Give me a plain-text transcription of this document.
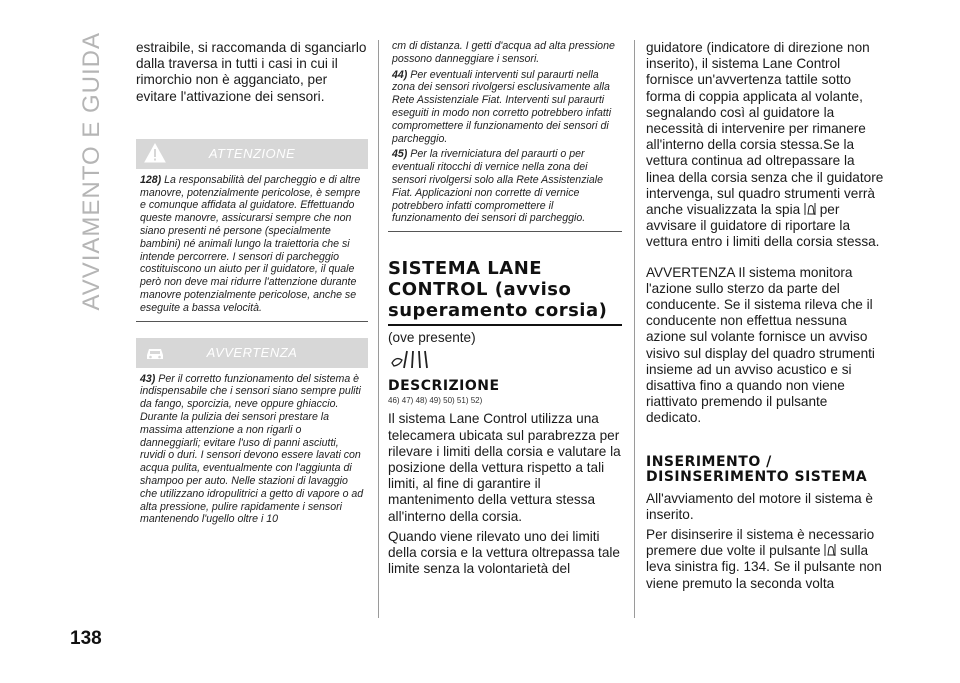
AVVIAMENTO E GUIDA
138

estraibile, si raccomanda di sganciarlo dalla traversa in tutti i casi in cui il rimorchio non è agganciato, per evitare l'attivazione dei sensori.

ATTENZIONE

128) La responsabilità del parcheggio e di altre manovre, potenzialmente pericolose, è sempre e comunque affidata al guidatore. Effettuando queste manovre, assicurarsi sempre che non siano presenti né persone (specialmente bambini) né animali lungo la traiettoria che si intende percorrere. I sensori di parcheggio costituiscono un aiuto per il guidatore, il quale però non deve mai ridurre l'attenzione durante manovre potenzialmente pericolose, anche se eseguite a bassa velocità.

AVVERTENZA

43) Per il corretto funzionamento del sistema è indispensabile che i sensori siano sempre puliti da fango, sporcizia, neve oppure ghiaccio. Durante la pulizia dei sensori prestare la massima attenzione a non rigarli o danneggiarli; evitare l'uso di panni asciutti, ruvidi o duri. I sensori devono essere lavati con acqua pulita, eventualmente con l'aggiunta di shampoo per auto. Nelle stazioni di lavaggio che utilizzano idropulitrici a getto di vapore o ad alta pressione, pulire rapidamente i sensori mantenendo l'ugello oltre i 10

cm di distanza. I getti d'acqua ad alta pressione possono danneggiare i sensori.

44) Per eventuali interventi sul paraurti nella zona dei sensori rivolgersi esclusivamente alla Rete Assistenziale Fiat. Interventi sul paraurti eseguiti in modo non corretto potrebbero infatti compromettere il funzionamento dei sensori di parcheggio.

45) Per la riverniciatura del paraurti o per eventuali ritocchi di vernice nella zona dei sensori rivolgersi solo alla Rete Assistenziale Fiat. Applicazioni non corrette di vernice potrebbero infatti compromettere il funzionamento dei sensori di parcheggio.

SISTEMA LANE CONTROL (avviso superamento corsia)

(ove presente)

DESCRIZIONE
46) 47) 48) 49) 50) 51) 52)

Il sistema Lane Control utilizza una telecamera ubicata sul parabrezza per rilevare i limiti della corsia e valutare la posizione della vettura rispetto a tali limiti, al fine di garantire il mantenimento della vettura stessa all'interno della corsia.

Quando viene rilevato uno dei limiti della corsia e la vettura oltrepassa tale limite senza la volontarietà del

guidatore (indicatore di direzione non inserito), il sistema Lane Control fornisce un'avvertenza tattile sotto forma di coppia applicata al volante, segnalando così al guidatore la necessità di intervenire per rimanere all'interno della corsia stessa.Se la vettura continua ad oltrepassare la linea della corsia senza che il guidatore intervenga, sul quadro strumenti verrà anche visualizzata la spia per avvisare il guidatore di riportare la vettura entro i limiti della corsia stessa.

AVVERTENZA Il sistema monitora l'azione sullo sterzo da parte del conducente. Se il sistema rileva che il conducente non effettua nessuna azione sul volante fornisce un avviso visivo sul display del quadro strumenti insieme ad un avviso acustico e si disattiva fino a quando non viene riattivato premendo il pulsante dedicato.

INSERIMENTO / DISINSERIMENTO SISTEMA

All'avviamento del motore il sistema è inserito.

Per disinserire il sistema è necessario premere due volte il pulsante sulla leva sinistra fig. 134. Se il pulsante non viene premuto la seconda volta
